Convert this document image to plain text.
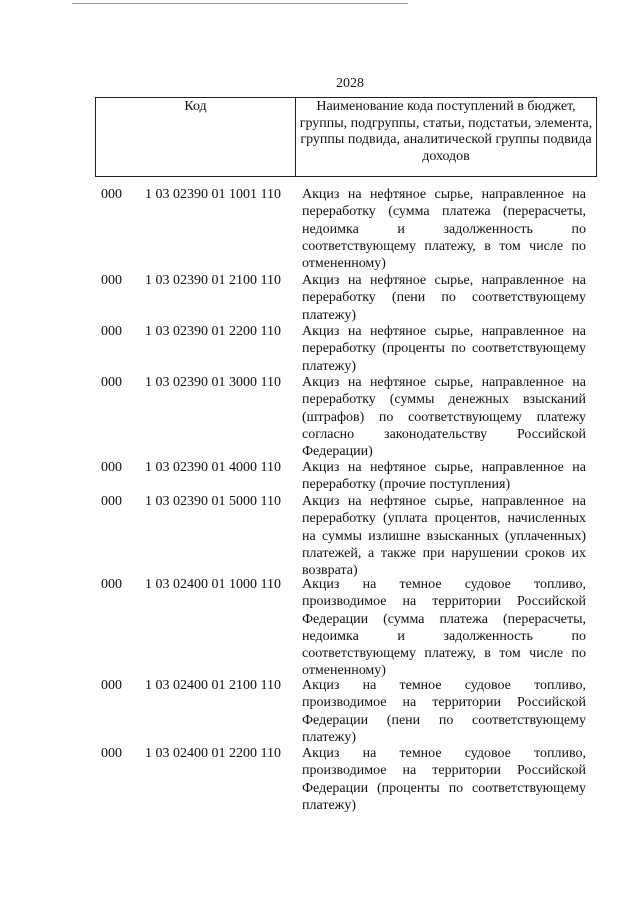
2028
Код	Наименование кода поступлений в бюджет, группы, подгруппы, статьи, подстатьи, элемента, группы подвида, аналитической группы подвида доходов
000 1 03 02390 01 1001 110 Акциз на нефтяное сырье, направленное на переработку (сумма платежа (перерасчеты, недоимка и задолженность по соответствующему платежу, в том числе по отмененному)
000 1 03 02390 01 2100 110 Акциз на нефтяное сырье, направленное на переработку (пени по соответствующему платежу)
000 1 03 02390 01 2200 110 Акциз на нефтяное сырье, направленное на переработку (проценты по соответствующему платежу)
000 1 03 02390 01 3000 110 Акциз на нефтяное сырье, направленное на переработку (суммы денежных взысканий (штрафов) по соответствующему платежу согласно законодательству Российской Федерации)
000 1 03 02390 01 4000 110 Акциз на нефтяное сырье, направленное на переработку (прочие поступления)
000 1 03 02390 01 5000 110 Акциз на нефтяное сырье, направленное на переработку (уплата процентов, начисленных на суммы излишне взысканных (уплаченных) платежей, а также при нарушении сроков их возврата)
000 1 03 02400 01 1000 110 Акциз на темное судовое топливо, производимое на территории Российской Федерации (сумма платежа (перерасчеты, недоимка и задолженность по соответствующему платежу, в том числе по отмененному)
000 1 03 02400 01 2100 110 Акциз на темное судовое топливо, производимое на территории Российской Федерации (пени по соответствующему платежу)
000 1 03 02400 01 2200 110 Акциз на темное судовое топливо, производимое на территории Российской Федерации (проценты по соответствующему платежу)
